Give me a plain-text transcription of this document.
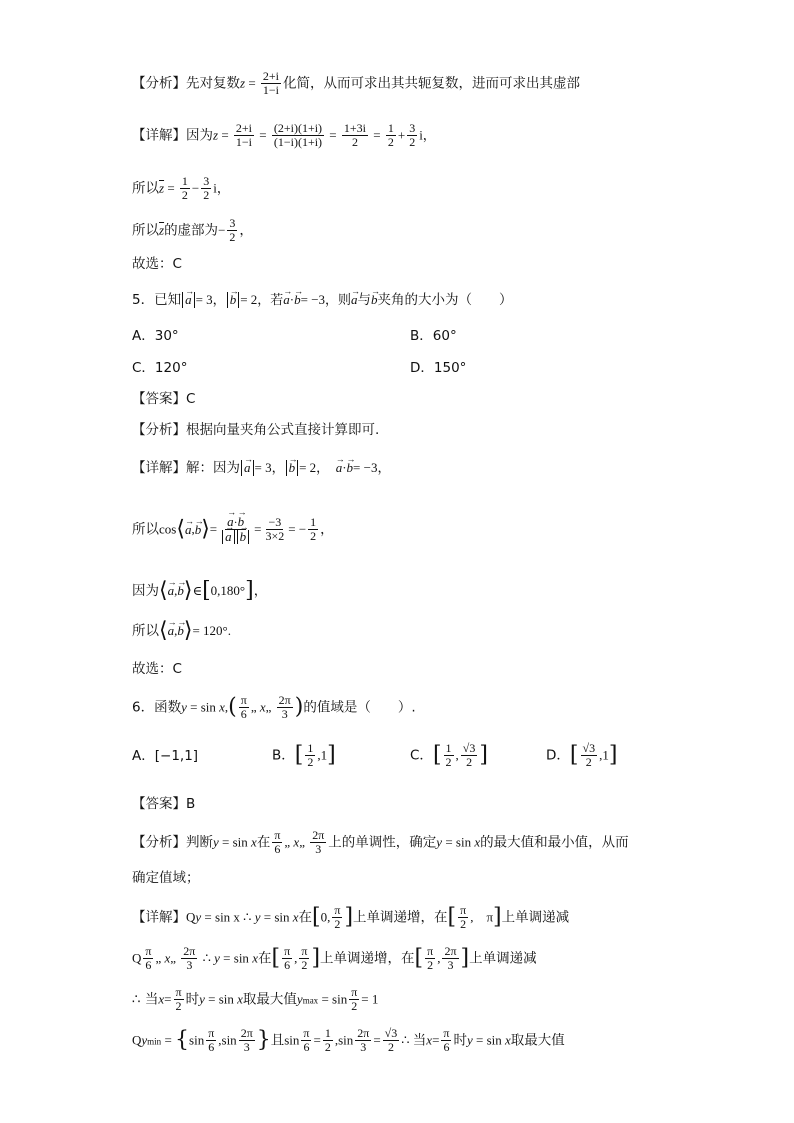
【分析】先对复数$z = \frac{2+i}{1-i}$ 化简，从而可求出其共轭复数，进而可求出其虚部
【详解】因为$z = \frac{2+i}{1-i} = \frac{(2+i)(1+i)}{(1-i)(1+i)} = \frac{1+3i}{2} = \frac{1}{2} + \frac{3}{2}$ i，
所以$\overline{z} = \frac{1}{2} - \frac{3}{2}$ i，
所以$\overline{z}$的虚部为− $\frac{3}{2}$ ，
故选：C
5．已知 → a = 3， → b = 2，若→ a·→ b= −3，则→ a与→ b夹角的大小为（　　）
A．30°	B．60°
C．120°	D．150°
【答案】C
【分析】根据向量夹角公式直接计算即可.
【详解】解：因为 → a = 3， → b = 2，　→ a·→ b= −3，
所以cos⟨→ a,→ b⟩= → a·→ b
→ $a \to b = \frac{-3}{3\times 2}$ = − $\frac{1}{2}$ ，
因为⟨→ a,→ b⟩∈[0,180°]，
所以⟨→ a,→ b⟩= 120°.
故选：C
6．函数$y = \sin x,( \frac{\pi}{6}$ „ x„ $\frac{2\pi}{3}$ )的值域是（　　）.
A．[−1,1]	B．[ $\frac{1}{2} ,1$]	C．[ $\frac{1}{2}$ , $\frac{√3}{2}$ ]	D．[ $\frac{√3}{2} ,1$]
【答案】B
【分析】判断y = sin x在 $\frac{\pi}{6}$ „ x„ $\frac{2\pi}{3}$ 上的单调性，确定y = sin x的最大值和最小值，从而
确定值域；
【详解】Qy = sin x ∴ y = sin x在[0, $\frac{\pi}{2}$ ]上单调递增，在[ $\frac{\pi}{2}$ ,　π]上单调递减
Q $\frac{\pi}{6}$ „ x„ $\frac{2\pi}{3}$ ∴ y = sin x在[ $\frac{\pi}{6}$ , $\frac{\pi}{2}$ ]上单调递增，在[ $\frac{\pi}{2}$ , $\frac{2\pi}{3}$ ]上单调递减
∴ 当$x= \frac{\pi}{2}$ 时y = sin x取最大值$ymax = \sin \frac{\pi}{2} = 1$
$Qymin = \{\sin \frac{\pi}{6} ,\sin \frac{2\pi}{3}$ }且$\sin \frac{\pi}{6} = \frac{1}{2} ,\sin \frac{2\pi}{3} = \frac{√3}{2}$ ∴ 当$x= \frac{\pi}{6}$ 时y = sin x取最大值
